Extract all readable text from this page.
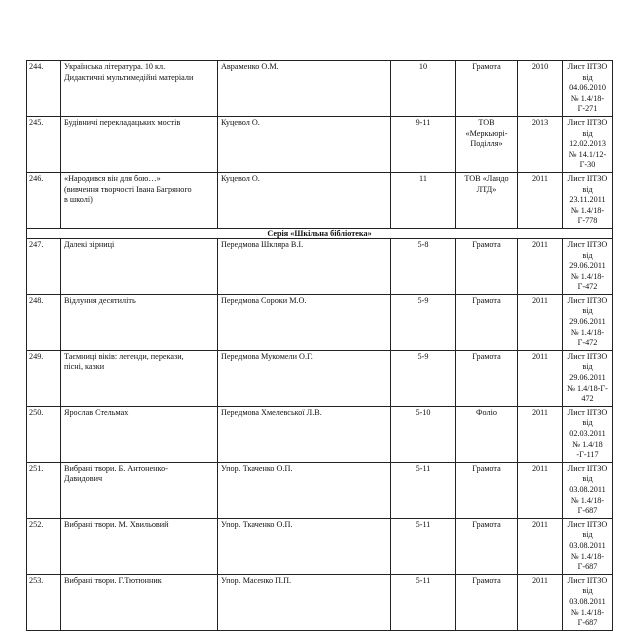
244.	Українська література. 10 кл.
Дидактичні мультимедійні матеріали	Авраменко О.М.	10	Грамота	2010	Лист ІІТЗО
від 04.06.2010
№ 1.4/18-Г-271

245.	Будівничі перекладацьких мостів	Куцевол О.	9-11	ТОВ
«Меркьюрі-
Поділля»	2013	Лист ІІТЗО
від 12.02.2013
№ 14.1/12-Г-30

246.	«Народився він для бою…»
(вивчення творчості Івана Багряного
в школі)	Куцевол О.	11	ТОВ «Ландо
ЛТД»	2011	Лист ІІТЗО
від 23.11.2011
№ 1.4/18-Г-778

Серія «Шкільна бібліотека»						
247.	Далекі зірниці	Передмова Шкляра В.І.	5-8	Грамота	2011	Лист ІІТЗО
від 29.06.2011
№ 1.4/18-Г-472

248.	Відлуння десятиліть	Передмова Сороки М.О.	5-9	Грамота	2011	Лист ІІТЗО
від 29.06.2011
№ 1.4/18-Г-472

249.	Таємниці віків: легенди, перекази,
пісні, казки	Передмова Мукомели О.Г.	5-9	Грамота	2011	Лист ІІТЗО
від 29.06.2011
№ 1.4/18-Г- 472

250.	Ярослав Стельмах	Передмова Хмелевської Л.В.	5-10	Фоліо	2011	Лист ІІТЗО
від 02.03.2011
№ 1.4/18 -Г-117

251.	Вибрані твори. Б. Антоненко-
Давидович	Упор. Ткаченко О.П.	5-11	Грамота	2011	Лист ІІТЗО
від 03.08.2011
№ 1.4/18-Г-687

252.	Вибрані твори. М. Хвильовий	Упор. Ткаченко О.П.	5-11	Грамота	2011	Лист ІІТЗО
від 03.08.2011
№ 1.4/18-Г-687

253.	Вибрані твори. Г.Тютюнник	Упор. Масенко П.П.	5-11	Грамота	2011	Лист ІІТЗО
від 03.08.2011
№ 1.4/18-Г-687
